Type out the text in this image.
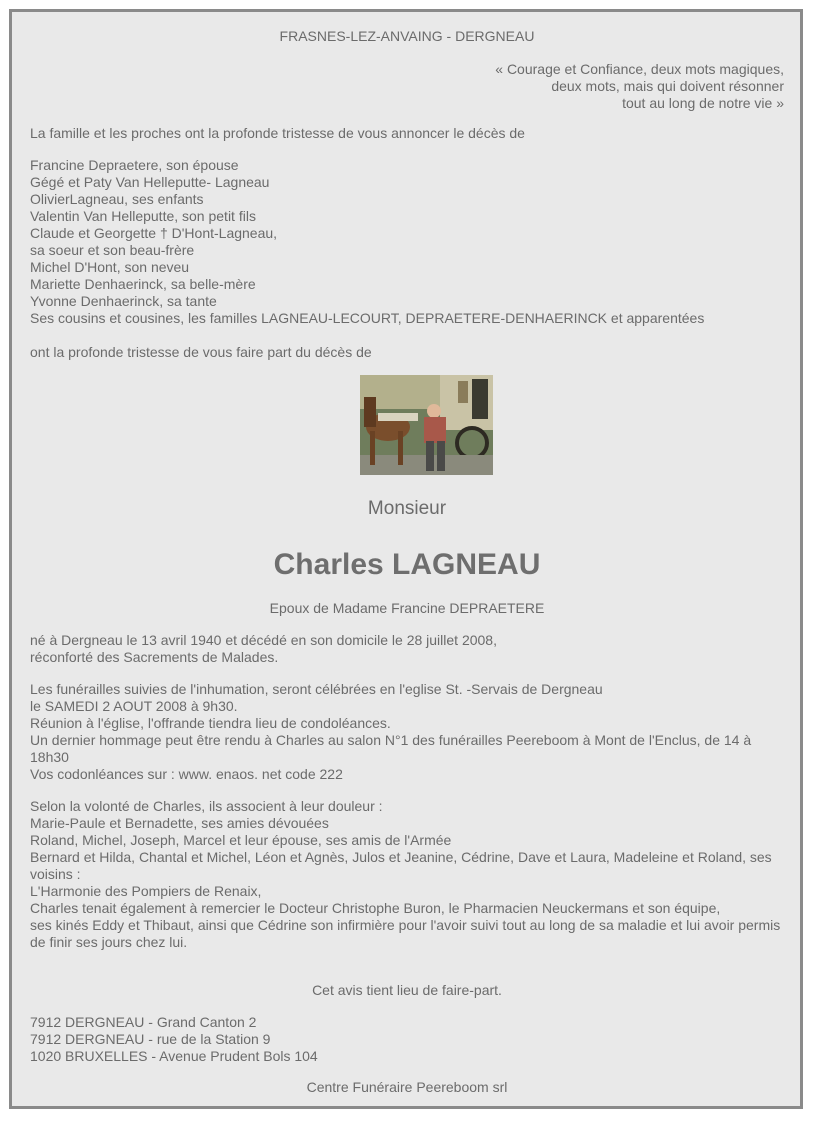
FRASNES-LEZ-ANVAING - DERGNEAU

« Courage et Confiance, deux mots magiques,
deux mots, mais qui doivent résonner
tout au long de notre vie »

La famille et les proches ont la profonde tristesse de vous annoncer le décès de

Francine Depraetere, son épouse
Gégé et Paty Van Helleputte- Lagneau
OlivierLagneau, ses enfants
Valentin Van Helleputte, son petit fils
Claude et Georgette † D'Hont-Lagneau,
sa soeur et son beau-frère
Michel D'Hont, son neveu
Mariette Denhaerinck, sa belle-mère
Yvonne Denhaerinck, sa tante
Ses cousins et cousines, les familles LAGNEAU-LECOURT, DEPRAETERE-DENHAERINCK et apparentées

ont la profonde tristesse de vous faire part du décès de

Monsieur

Charles LAGNEAU

Epoux de Madame Francine DEPRAETERE

né à Dergneau le 13 avril 1940 et décédé en son domicile le 28 juillet 2008,
réconforté des Sacrements de Malades.

Les funérailles suivies de l'inhumation, seront célébrées en l'eglise St. -Servais de Dergneau
le SAMEDI 2 AOUT 2008 à 9h30.
Réunion à l'église, l'offrande tiendra lieu de condoléances.
Un dernier hommage peut être rendu à Charles au salon N°1 des funérailles Peereboom à Mont de l'Enclus, de 14 à 18h30
Vos codonléances sur : www. enaos. net code 222

Selon la volonté de Charles, ils associent à leur douleur :
Marie-Paule et Bernadette, ses amies dévouées
Roland, Michel, Joseph, Marcel et leur épouse, ses amis de l'Armée
Bernard et Hilda, Chantal et Michel, Léon et Agnès, Julos et Jeanine, Cédrine, Dave et Laura, Madeleine et Roland, ses voisins :
L'Harmonie des Pompiers de Renaix,
Charles tenait également à remercier le Docteur Christophe Buron, le Pharmacien Neuckermans et son équipe,
ses kinés Eddy et Thibaut, ainsi que Cédrine son infirmière pour l'avoir suivi tout au long de sa maladie et lui avoir permis
de finir ses jours chez lui.

Cet avis tient lieu de faire-part.

7912 DERGNEAU - Grand Canton 2
7912 DERGNEAU - rue de la Station 9
1020 BRUXELLES - Avenue Prudent Bols 104

Centre Funéraire Peereboom srl
